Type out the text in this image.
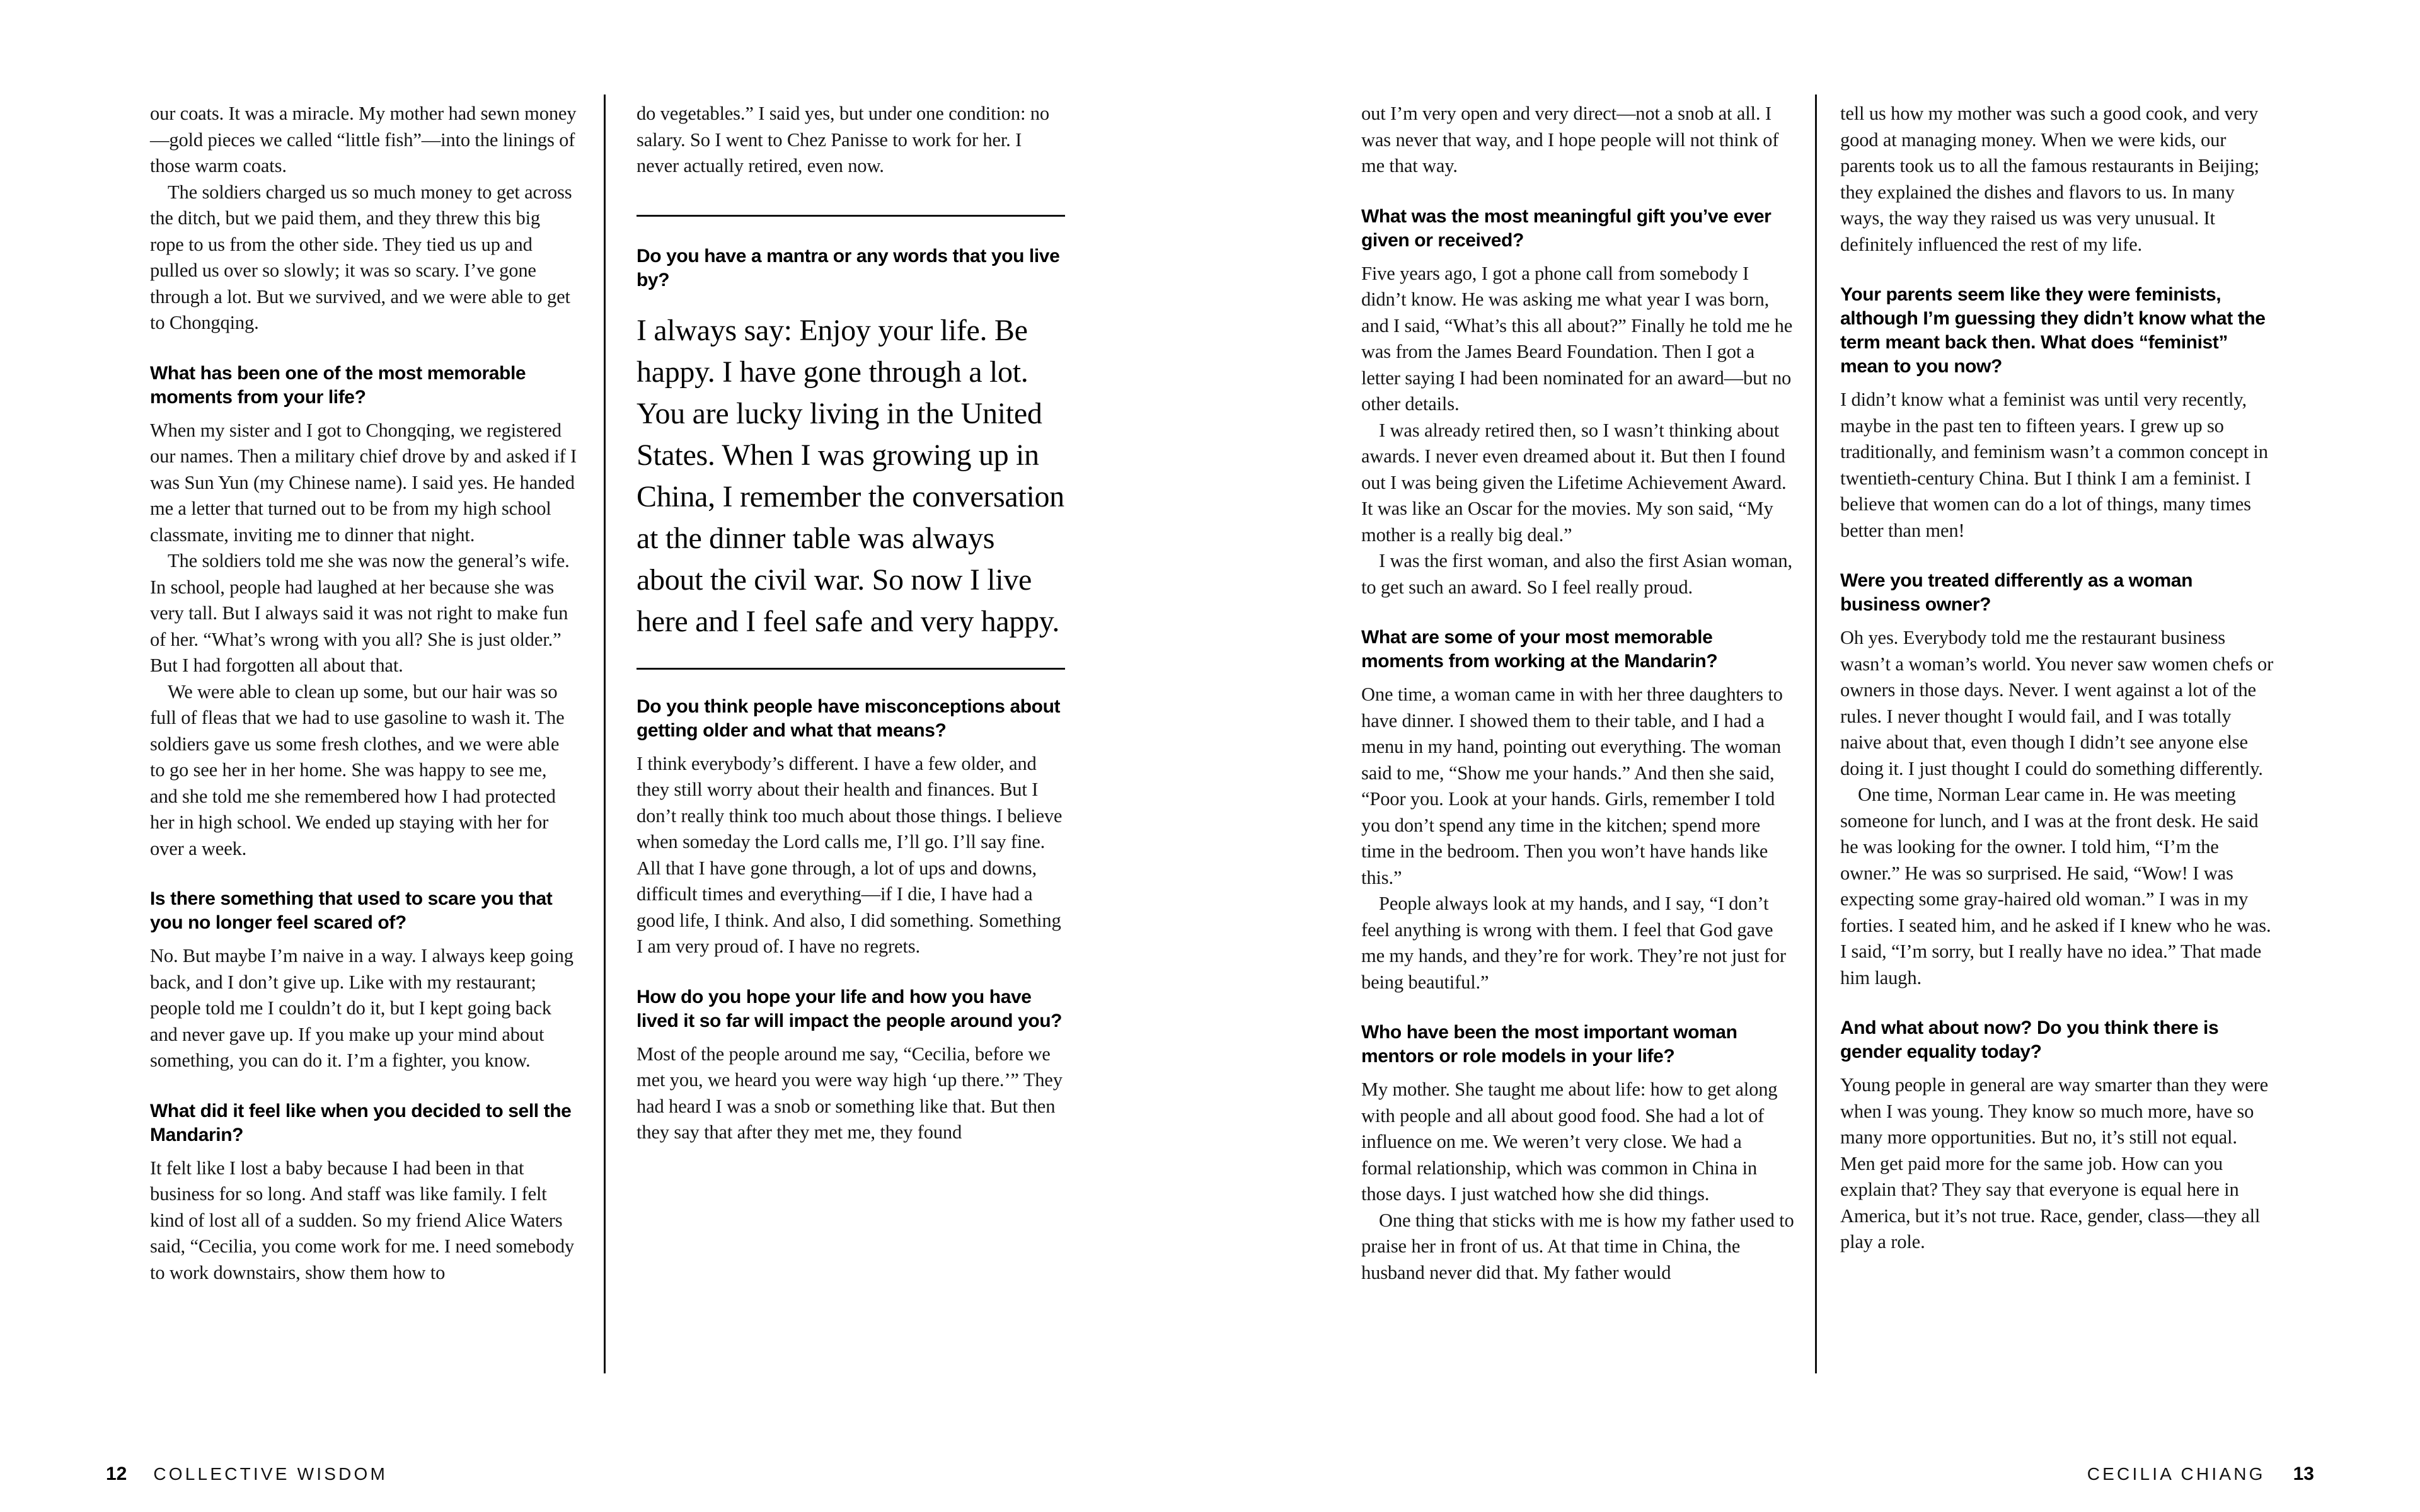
our coats. It was a miracle. My mother had sewn money—gold pieces we called “little fish”—into the linings of those warm coats.

The soldiers charged us so much money to get across the ditch, but we paid them, and they threw this big rope to us from the other side. They tied us up and pulled us over so slowly; it was so scary. I’ve gone through a lot. But we survived, and we were able to get to Chongqing.

What has been one of the most memorable moments from your life?

When my sister and I got to Chongqing, we registered our names. Then a military chief drove by and asked if I was Sun Yun (my Chinese name). I said yes. He handed me a letter that turned out to be from my high school classmate, inviting me to dinner that night.

The soldiers told me she was now the general’s wife. In school, people had laughed at her because she was very tall. But I always said it was not right to make fun of her. “What’s wrong with you all? She is just older.” But I had forgotten all about that.

We were able to clean up some, but our hair was so full of fleas that we had to use gasoline to wash it. The soldiers gave us some fresh clothes, and we were able to go see her in her home. She was happy to see me, and she told me she remembered how I had protected her in high school. We ended up staying with her for over a week.

Is there something that used to scare you that you no longer feel scared of?

No. But maybe I’m naive in a way. I always keep going back, and I don’t give up. Like with my restaurant; people told me I couldn’t do it, but I kept going back and never gave up. If you make up your mind about something, you can do it. I’m a fighter, you know.

What did it feel like when you decided to sell the Mandarin?

It felt like I lost a baby because I had been in that business for so long. And staff was like family. I felt kind of lost all of a sudden. So my friend Alice Waters said, “Cecilia, you come work for me. I need somebody to work downstairs, show them how to

do vegetables.” I said yes, but under one condition: no salary. So I went to Chez Panisse to work for her. I never actually retired, even now.

Do you have a mantra or any words that you live by?

I always say: Enjoy your life. Be happy. I have gone through a lot. You are lucky living in the United States. When I was growing up in China, I remember the conversation at the dinner table was always about the civil war. So now I live here and I feel safe and very happy.

Do you think people have misconceptions about getting older and what that means?

I think everybody’s different. I have a few older, and they still worry about their health and finances. But I don’t really think too much about those things. I believe when someday the Lord calls me, I’ll go. I’ll say fine. All that I have gone through, a lot of ups and downs, difficult times and everything—if I die, I have had a good life, I think. And also, I did something. Something I am very proud of. I have no regrets.

How do you hope your life and how you have lived it so far will impact the people around you?

Most of the people around me say, “Cecilia, before we met you, we heard you were way high ‘up there.’” They had heard I was a snob or something like that. But then they say that after they met me, they found

out I’m very open and very direct—not a snob at all. I was never that way, and I hope people will not think of me that way.

What was the most meaningful gift you’ve ever given or received?

Five years ago, I got a phone call from somebody I didn’t know. He was asking me what year I was born, and I said, “What’s this all about?” Finally he told me he was from the James Beard Foundation. Then I got a letter saying I had been nominated for an award—but no other details.

I was already retired then, so I wasn’t thinking about awards. I never even dreamed about it. But then I found out I was being given the Lifetime Achievement Award. It was like an Oscar for the movies. My son said, “My mother is a really big deal.”

I was the first woman, and also the first Asian woman, to get such an award. So I feel really proud.

What are some of your most memorable moments from working at the Mandarin?

One time, a woman came in with her three daughters to have dinner. I showed them to their table, and I had a menu in my hand, pointing out everything. The woman said to me, “Show me your hands.” And then she said, “Poor you. Look at your hands. Girls, remember I told you don’t spend any time in the kitchen; spend more time in the bedroom. Then you won’t have hands like this.”

People always look at my hands, and I say, “I don’t feel anything is wrong with them. I feel that God gave me my hands, and they’re for work. They’re not just for being beautiful.”

Who have been the most important woman mentors or role models in your life?

My mother. She taught me about life: how to get along with people and all about good food. She had a lot of influence on me. We weren’t very close. We had a formal relationship, which was common in China in those days. I just watched how she did things.

One thing that sticks with me is how my father used to praise her in front of us. At that time in China, the husband never did that. My father would

tell us how my mother was such a good cook, and very good at managing money. When we were kids, our parents took us to all the famous restaurants in Beijing; they explained the dishes and flavors to us. In many ways, the way they raised us was very unusual. It definitely influenced the rest of my life.

Your parents seem like they were feminists, although I’m guessing they didn’t know what the term meant back then. What does “feminist” mean to you now?

I didn’t know what a feminist was until very recently, maybe in the past ten to fifteen years. I grew up so traditionally, and feminism wasn’t a common concept in twentieth-century China. But I think I am a feminist. I believe that women can do a lot of things, many times better than men!

Were you treated differently as a woman business owner?

Oh yes. Everybody told me the restaurant business wasn’t a woman’s world. You never saw women chefs or owners in those days. Never. I went against a lot of the rules. I never thought I would fail, and I was totally naive about that, even though I didn’t see anyone else doing it. I just thought I could do something differently.

One time, Norman Lear came in. He was meeting someone for lunch, and I was at the front desk. He said he was looking for the owner. I told him, “I’m the owner.” He was so surprised. He said, “Wow! I was expecting some gray-haired old woman.” I was in my forties. I seated him, and he asked if I knew who he was. I said, “I’m sorry, but I really have no idea.” That made him laugh.

And what about now? Do you think there is gender equality today?

Young people in general are way smarter than they were when I was young. They know so much more, have so many more opportunities. But no, it’s still not equal. Men get paid more for the same job. How can you explain that? They say that everyone is equal here in America, but it’s not true. Race, gender, class—they all play a role.

12 COLLECTIVE WISDOM	CECILIA CHIANG 13
